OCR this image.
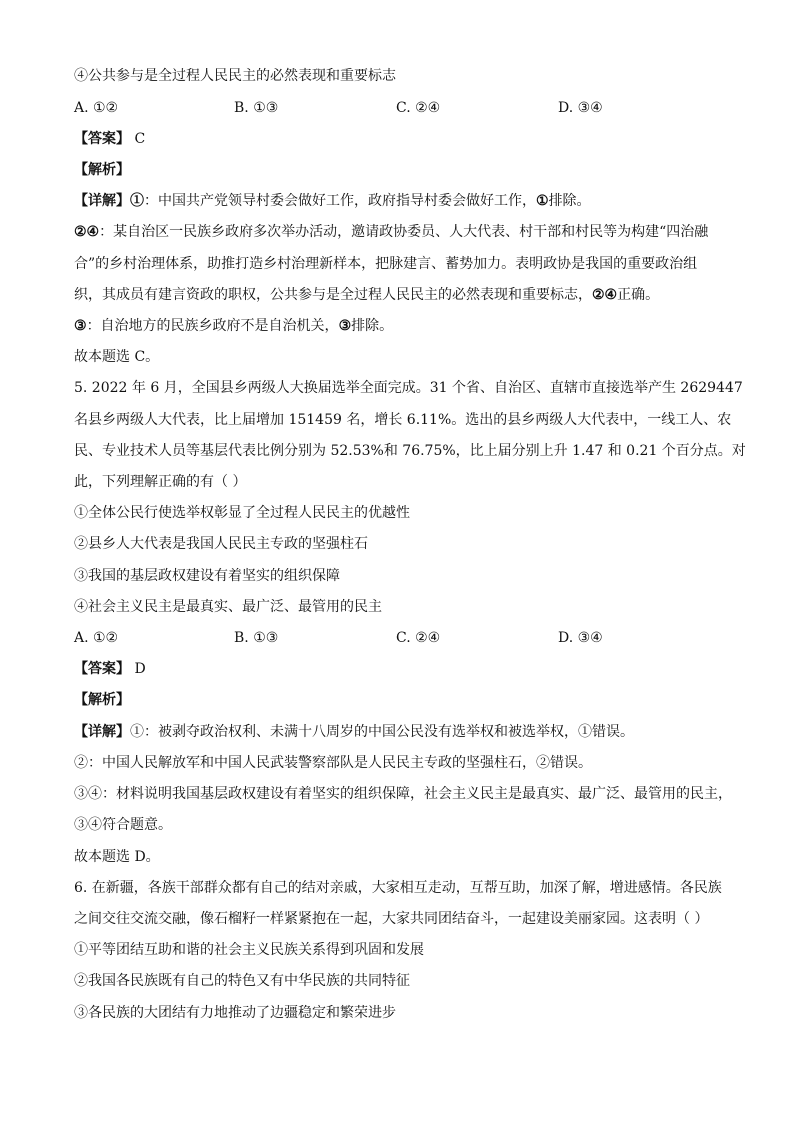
④公共参与是全过程人民民主的必然表现和重要标志
A. ①②	B. ①③	C. ②④	D. ③④
【答案】 C
【解析】
【详解】①：中国共产党领导村委会做好工作，政府指导村委会做好工作，①排除。
②④：某自治区一民族乡政府多次举办活动，邀请政协委员、人大代表、村干部和村民等为构建“四治融
合”的乡村治理体系，助推打造乡村治理新样本，把脉建言、蓄势加力。表明政协是我国的重要政治组
织，其成员有建言资政的职权，公共参与是全过程人民民主的必然表现和重要标志，②④正确。
③：自治地方的民族乡政府不是自治机关，③排除。
故本题选 C。
5. 2022 年 6 月，全国县乡两级人大换届选举全面完成。31 个省、自治区、直辖市直接选举产生 2629447
名县乡两级人大代表，比上届增加 151459 名，增长 6.11%。选出的县乡两级人大代表中，一线工人、农
民、专业技术人员等基层代表比例分别为 52.53%和 76.75%，比上届分别上升 1.47 和 0.21 个百分点。对
此，下列理解正确的有（ ）
①全体公民行使选举权彰显了全过程人民民主的优越性
②县乡人大代表是我国人民民主专政的坚强柱石
③我国的基层政权建设有着坚实的组织保障
④社会主义民主是最真实、最广泛、最管用的民主
A. ①②	B. ①③	C. ②④	D. ③④
【答案】 D
【解析】
【详解】①：被剥夺政治权利、未满十八周岁的中国公民没有选举权和被选举权，①错误。
②：中国人民解放军和中国人民武装警察部队是人民民主专政的坚强柱石，②错误。
③④：材料说明我国基层政权建设有着坚实的组织保障，社会主义民主是最真实、最广泛、最管用的民主，
③④符合题意。
故本题选 D。
6. 在新疆，各族干部群众都有自己的结对亲戚，大家相互走动，互帮互助，加深了解，增进感情。各民族
之间交往交流交融，像石榴籽一样紧紧抱在一起，大家共同团结奋斗，一起建设美丽家园。这表明（ ）
①平等团结互助和谐的社会主义民族关系得到巩固和发展
②我国各民族既有自己的特色又有中华民族的共同特征
③各民族的大团结有力地推动了边疆稳定和繁荣进步
